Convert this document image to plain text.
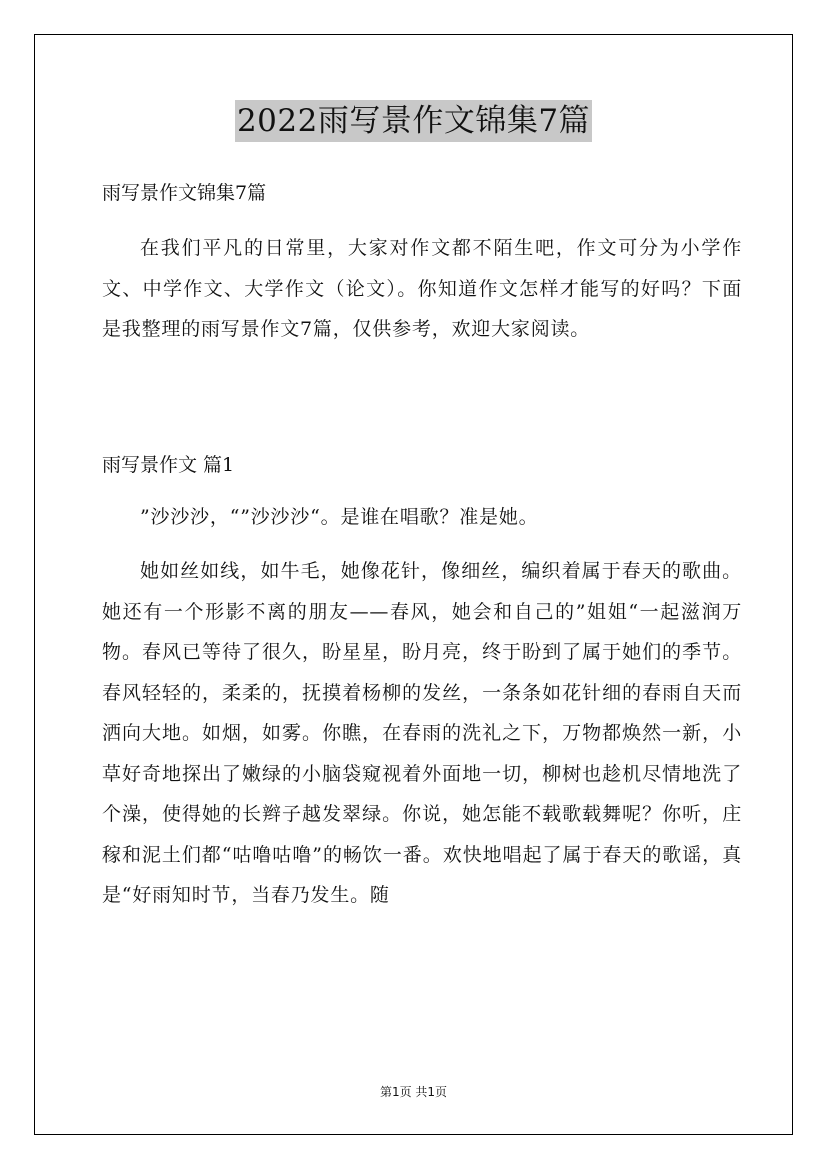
2022雨写景作文锦集7篇
雨写景作文锦集7篇
在我们平凡的日常里，大家对作文都不陌生吧，作文可分为小学作文、中学作文、大学作文（论文）。你知道作文怎样才能写的好吗？下面是我整理的雨写景作文7篇，仅供参考，欢迎大家阅读。
雨写景作文 篇1
”沙沙沙，“”沙沙沙“。是谁在唱歌？准是她。
她如丝如线，如牛毛，她像花针，像细丝，编织着属于春天的歌曲。她还有一个形影不离的朋友——春风，她会和自己的”姐姐“一起滋润万物。春风已等待了很久，盼星星，盼月亮，终于盼到了属于她们的季节。春风轻轻的，柔柔的，抚摸着杨柳的发丝，一条条如花针细的春雨自天而洒向大地。如烟，如雾。你瞧，在春雨的洗礼之下，万物都焕然一新，小草好奇地探出了嫩绿的小脑袋窥视着外面地一切，柳树也趁机尽情地洗了个澡，使得她的长辫子越发翠绿。你说，她怎能不载歌载舞呢？你听，庄稼和泥土们都“咕噜咕噜”的畅饮一番。欢快地唱起了属于春天的歌谣，真是“好雨知时节，当春乃发生。随
第1页 共1页
